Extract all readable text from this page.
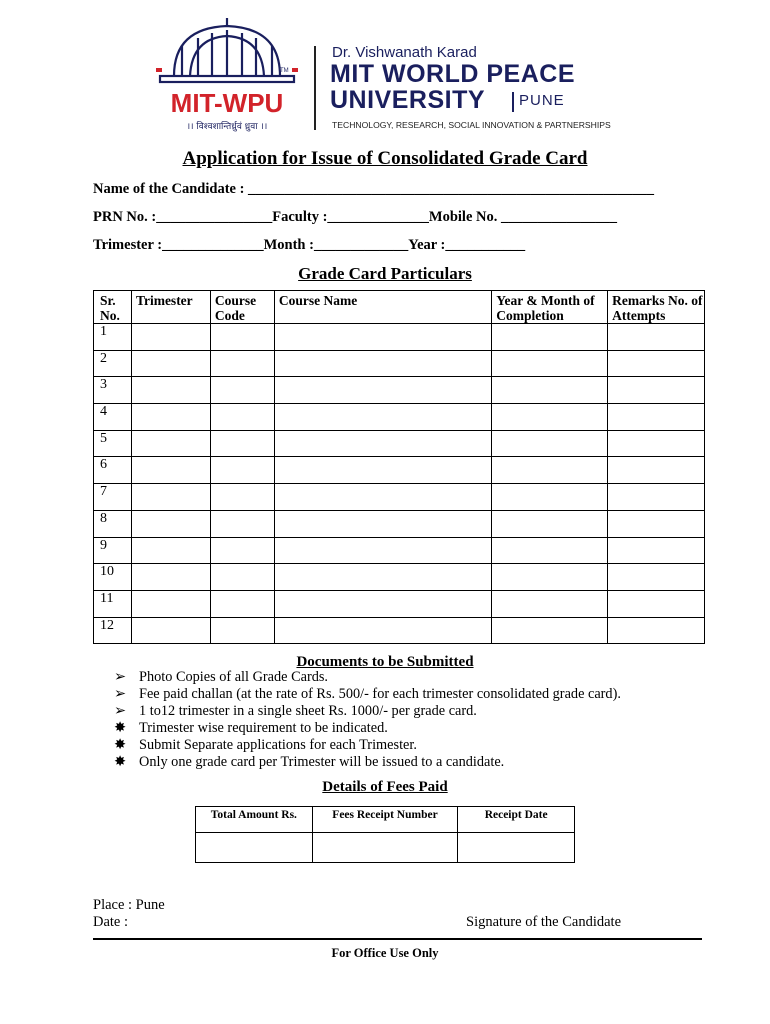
TM
MIT-WPU
।। विश्वशान्तिर्ध्रुवं ध्रुवा ।।
Dr. Vishwanath Karad
MIT WORLD PEACE
UNIVERSITY PUNE
TECHNOLOGY, RESEARCH, SOCIAL INNOVATION & PARTNERSHIPS
Application for Issue of Consolidated Grade Card
Name of the Candidate : ________________________________________________________
PRN No. :________________Faculty :______________Mobile No. ________________
Trimester :______________Month :_____________Year :___________
Grade Card Particulars
Sr. No.	Trimester	Course Code	Course Name	Year & Month of Completion	Remarks No. of Attempts
1					
2					
3					
4					
5					
6					
7					
8					
9					
10					
11					
12					
Documents to be Submitted
➢ Photo Copies of all Grade Cards.
➢ Fee paid challan (at the rate of Rs. 500/- for each trimester consolidated grade card).
➢ 1 to12 trimester in a single sheet Rs. 1000/- per grade card.
✸ Trimester wise requirement to be indicated.
✸ Submit Separate applications for each Trimester.
✸ Only one grade card per Trimester will be issued to a candidate.
Details of Fees Paid
Total Amount Rs.	Fees Receipt Number	Receipt Date

Place : Pune
Date :	Signature of the Candidate
For Office Use Only
